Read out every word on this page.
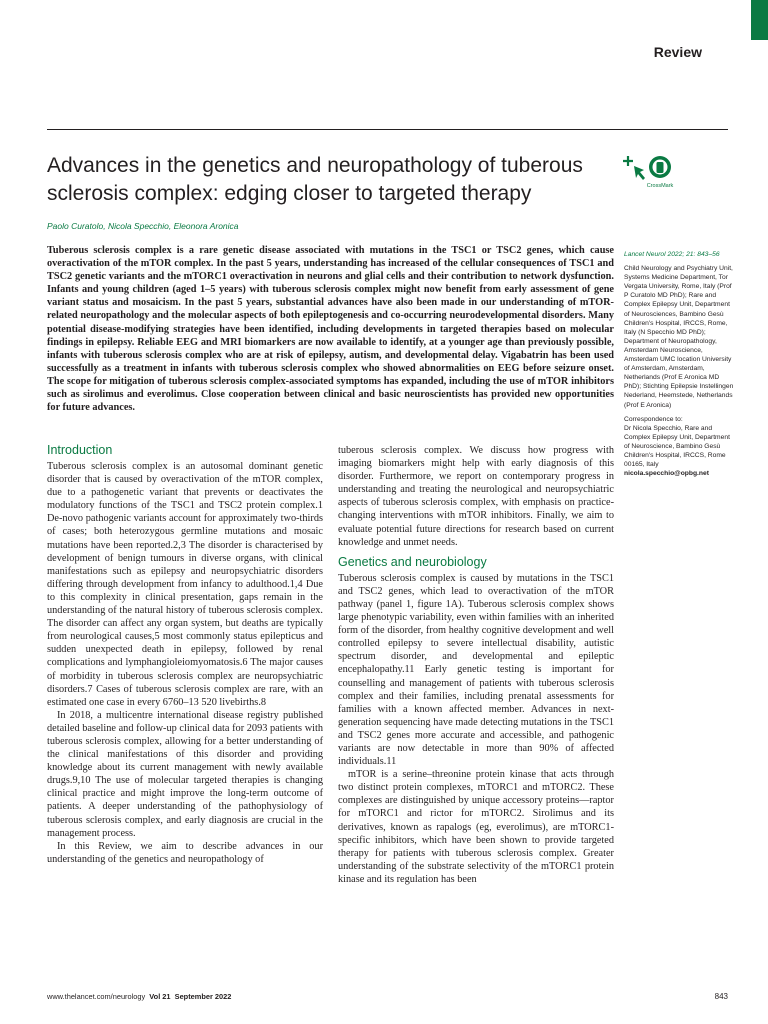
Review
Advances in the genetics and neuropathology of tuberous sclerosis complex: edging closer to targeted therapy	CrossMark
Paolo Curatolo, Nicola Specchio, Eleonora Aronica

Tuberous sclerosis complex is a rare genetic disease associated with mutations in the TSC1 or TSC2 genes, which cause overactivation of the mTOR complex. In the past 5 years, understanding has increased of the cellular consequences of TSC1 and TSC2 genetic variants and the mTORC1 overactivation in neurons and glial cells and their contribution to network dysfunction. Infants and young children (aged 1–5 years) with tuberous sclerosis complex might now benefit from early assessment of gene variant status and mosaicism. In the past 5 years, substantial advances have also been made in our understanding of mTOR-related neuropathology and the molecular aspects of both epileptogenesis and co-occurring neurodevelopmental disorders. Many potential disease-modifying strategies have been identified, including developments in targeted therapies based on molecular findings in epilepsy. Reliable EEG and MRI biomarkers are now available to identify, at a younger age than previously possible, infants with tuberous sclerosis complex who are at risk of epilepsy, autism, and developmental delay. Vigabatrin has been used successfully as a treatment in infants with tuberous sclerosis complex who showed abnormalities on EEG before seizure onset. The scope for mitigation of tuberous sclerosis complex-associated symptoms has expanded, including the use of mTOR inhibitors such as sirolimus and everolimus. Close cooperation between clinical and basic neuroscientists has provided new opportunities for future advances.

Lancet Neurol 2022; 21: 843–56

Child Neurology and Psychiatry Unit, Systems Medicine Department, Tor Vergata University, Rome, Italy (Prof P Curatolo MD PhD); Rare and Complex Epilepsy Unit, Department of Neurosciences, Bambino Gesù Children's Hospital, IRCCS, Rome, Italy (N Specchio MD PhD); Department of Neuropathology, Amsterdam Neuroscience, Amsterdam UMC location University of Amsterdam, Amsterdam, Netherlands (Prof E Aronica MD PhD); Stichting Epilepsie Instellingen Nederland, Heemstede, Netherlands (Prof E Aronica)

Correspondence to:

Dr Nicola Specchio, Rare and Complex Epilepsy Unit, Department of Neuroscience, Bambino Gesù Children's Hospital, IRCCS, Rome 00165, Italy

nicola.specchio@opbg.net

Introduction

Tuberous sclerosis complex is an autosomal dominant genetic disorder that is caused by overactivation of the mTOR complex, due to a pathogenetic variant that prevents or deactivates the modulatory functions of the TSC1 and TSC2 protein complex.1 De-novo pathogenic variants account for approximately two-thirds of cases; both heterozygous germline mutations and mosaic mutations have been reported.2,3 The disorder is characterised by development of benign tumours in diverse organs, with clinical manifestations such as epilepsy and neuropsychiatric disorders differing through development from infancy to adulthood.1,4 Due to this complexity in clinical presentation, gaps remain in the understanding of the natural history of tuberous sclerosis complex. The disorder can affect any organ system, but deaths are typically from neurological causes,5 most commonly status epilepticus and sudden unexpected death in epilepsy, followed by renal complications and lymphangioleiomyomatosis.6 The major causes of morbidity in tuberous sclerosis complex are neuropsychiatric disorders.7 Cases of tuberous sclerosis complex are rare, with an estimated one case in every 6760–13 520 livebirths.8

In 2018, a multicentre international disease registry published detailed baseline and follow-up clinical data for 2093 patients with tuberous sclerosis complex, allowing for a better understanding of the clinical manifestations of this disorder and providing knowledge about its current management with newly available drugs.9,10 The use of molecular targeted therapies is changing clinical practice and might improve the long-term outcome of patients. A deeper understanding of the pathophysiology of tuberous sclerosis complex, and early diagnosis are crucial in the management process.

In this Review, we aim to describe advances in our understanding of the genetics and neuropathology of

tuberous sclerosis complex. We discuss how progress with imaging biomarkers might help with early diagnosis of this disorder. Furthermore, we report on contemporary progress in understanding and treating the neurological and neuropsychiatric aspects of tuberous sclerosis complex, with emphasis on practice-changing interventions with mTOR inhibitors. Finally, we aim to evaluate potential future directions for research based on current knowledge and unmet needs.

Genetics and neurobiology

Tuberous sclerosis complex is caused by mutations in the TSC1 and TSC2 genes, which lead to overactivation of the mTOR pathway (panel 1, figure 1A). Tuberous sclerosis complex shows large phenotypic variability, even within families with an inherited form of the disorder, from healthy cognitive development and well controlled epilepsy to severe intellectual disability, autistic spectrum disorder, and developmental and epileptic encephalopathy.11 Early genetic testing is important for counselling and management of patients with tuberous sclerosis complex and their families, including prenatal assessments for families with a known affected member. Advances in next-generation sequencing have made detecting mutations in the TSC1 and TSC2 genes more accurate and accessible, and pathogenic variants are now detectable in more than 90% of affected individuals.11

mTOR is a serine–threonine protein kinase that acts through two distinct protein complexes, mTORC1 and mTORC2. These complexes are distinguished by unique accessory proteins—raptor for mTORC1 and rictor for mTORC2. Sirolimus and its derivatives, known as rapalogs (eg, everolimus), are mTORC1-specific inhibitors, which have been shown to provide targeted therapy for patients with tuberous sclerosis complex. Greater understanding of the substrate selectivity of the mTORC1 protein kinase and its regulation has been

www.thelancet.com/neurology Vol 21 September 2022	843
